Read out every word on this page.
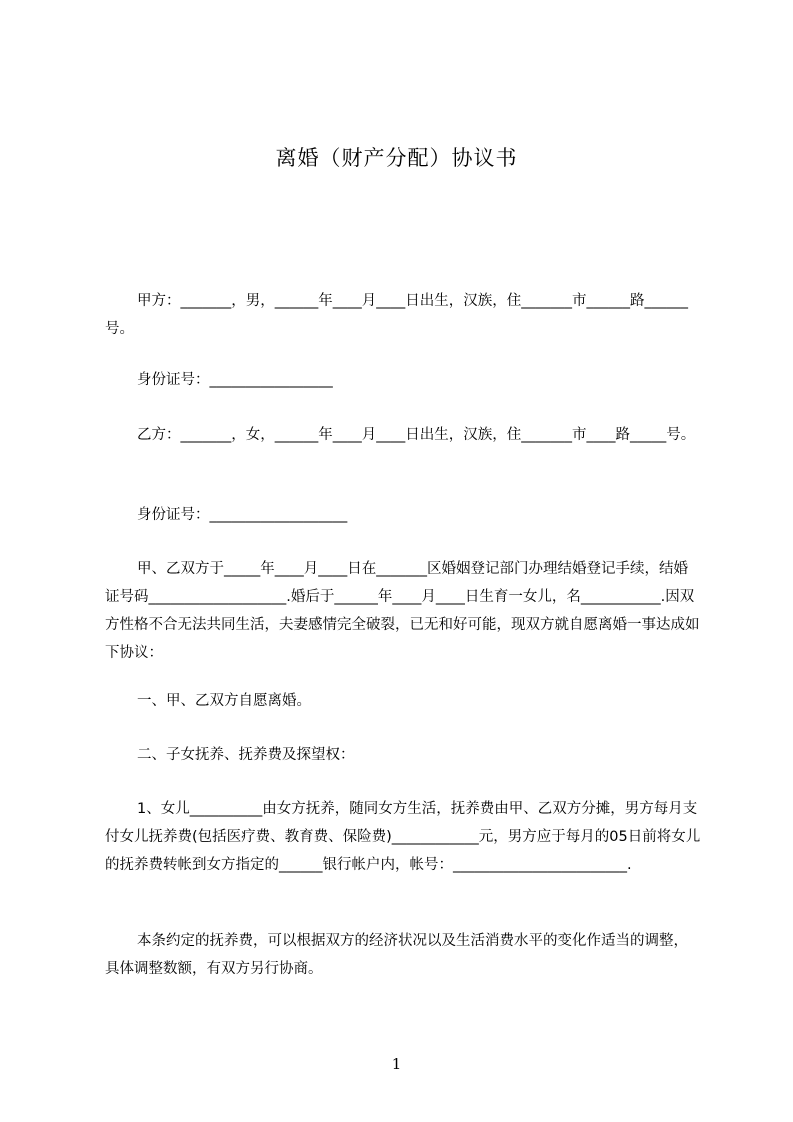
离婚（财产分配）协议书

甲方：_______，男，______年____月____日出生，汉族，住_______市______路______号。

身份证号：_________________

乙方：_______，女，______年____月____日出生，汉族，住_______市____路_____号。

身份证号：___________________

甲、乙双方于_____年____月____日在_______区婚姻登记部门办理结婚登记手续，结婚证号码___________________.婚后于______年____月____日生育一女儿，名___________.因双方性格不合无法共同生活，夫妻感情完全破裂，已无和好可能，现双方就自愿离婚一事达成如下协议：

一、甲、乙双方自愿离婚。

二、子女抚养、抚养费及探望权：

1、女儿__________由女方抚养，随同女方生活，抚养费由甲、乙双方分摊，男方每月支付女儿抚养费(包括医疗费、教育费、保险费)____________元，男方应于每月的05日前将女儿的抚养费转帐到女方指定的______银行帐户内，帐号：________________________.

本条约定的抚养费，可以根据双方的经济状况以及生活消费水平的变化作适当的调整，具体调整数额，有双方另行协商。

1
